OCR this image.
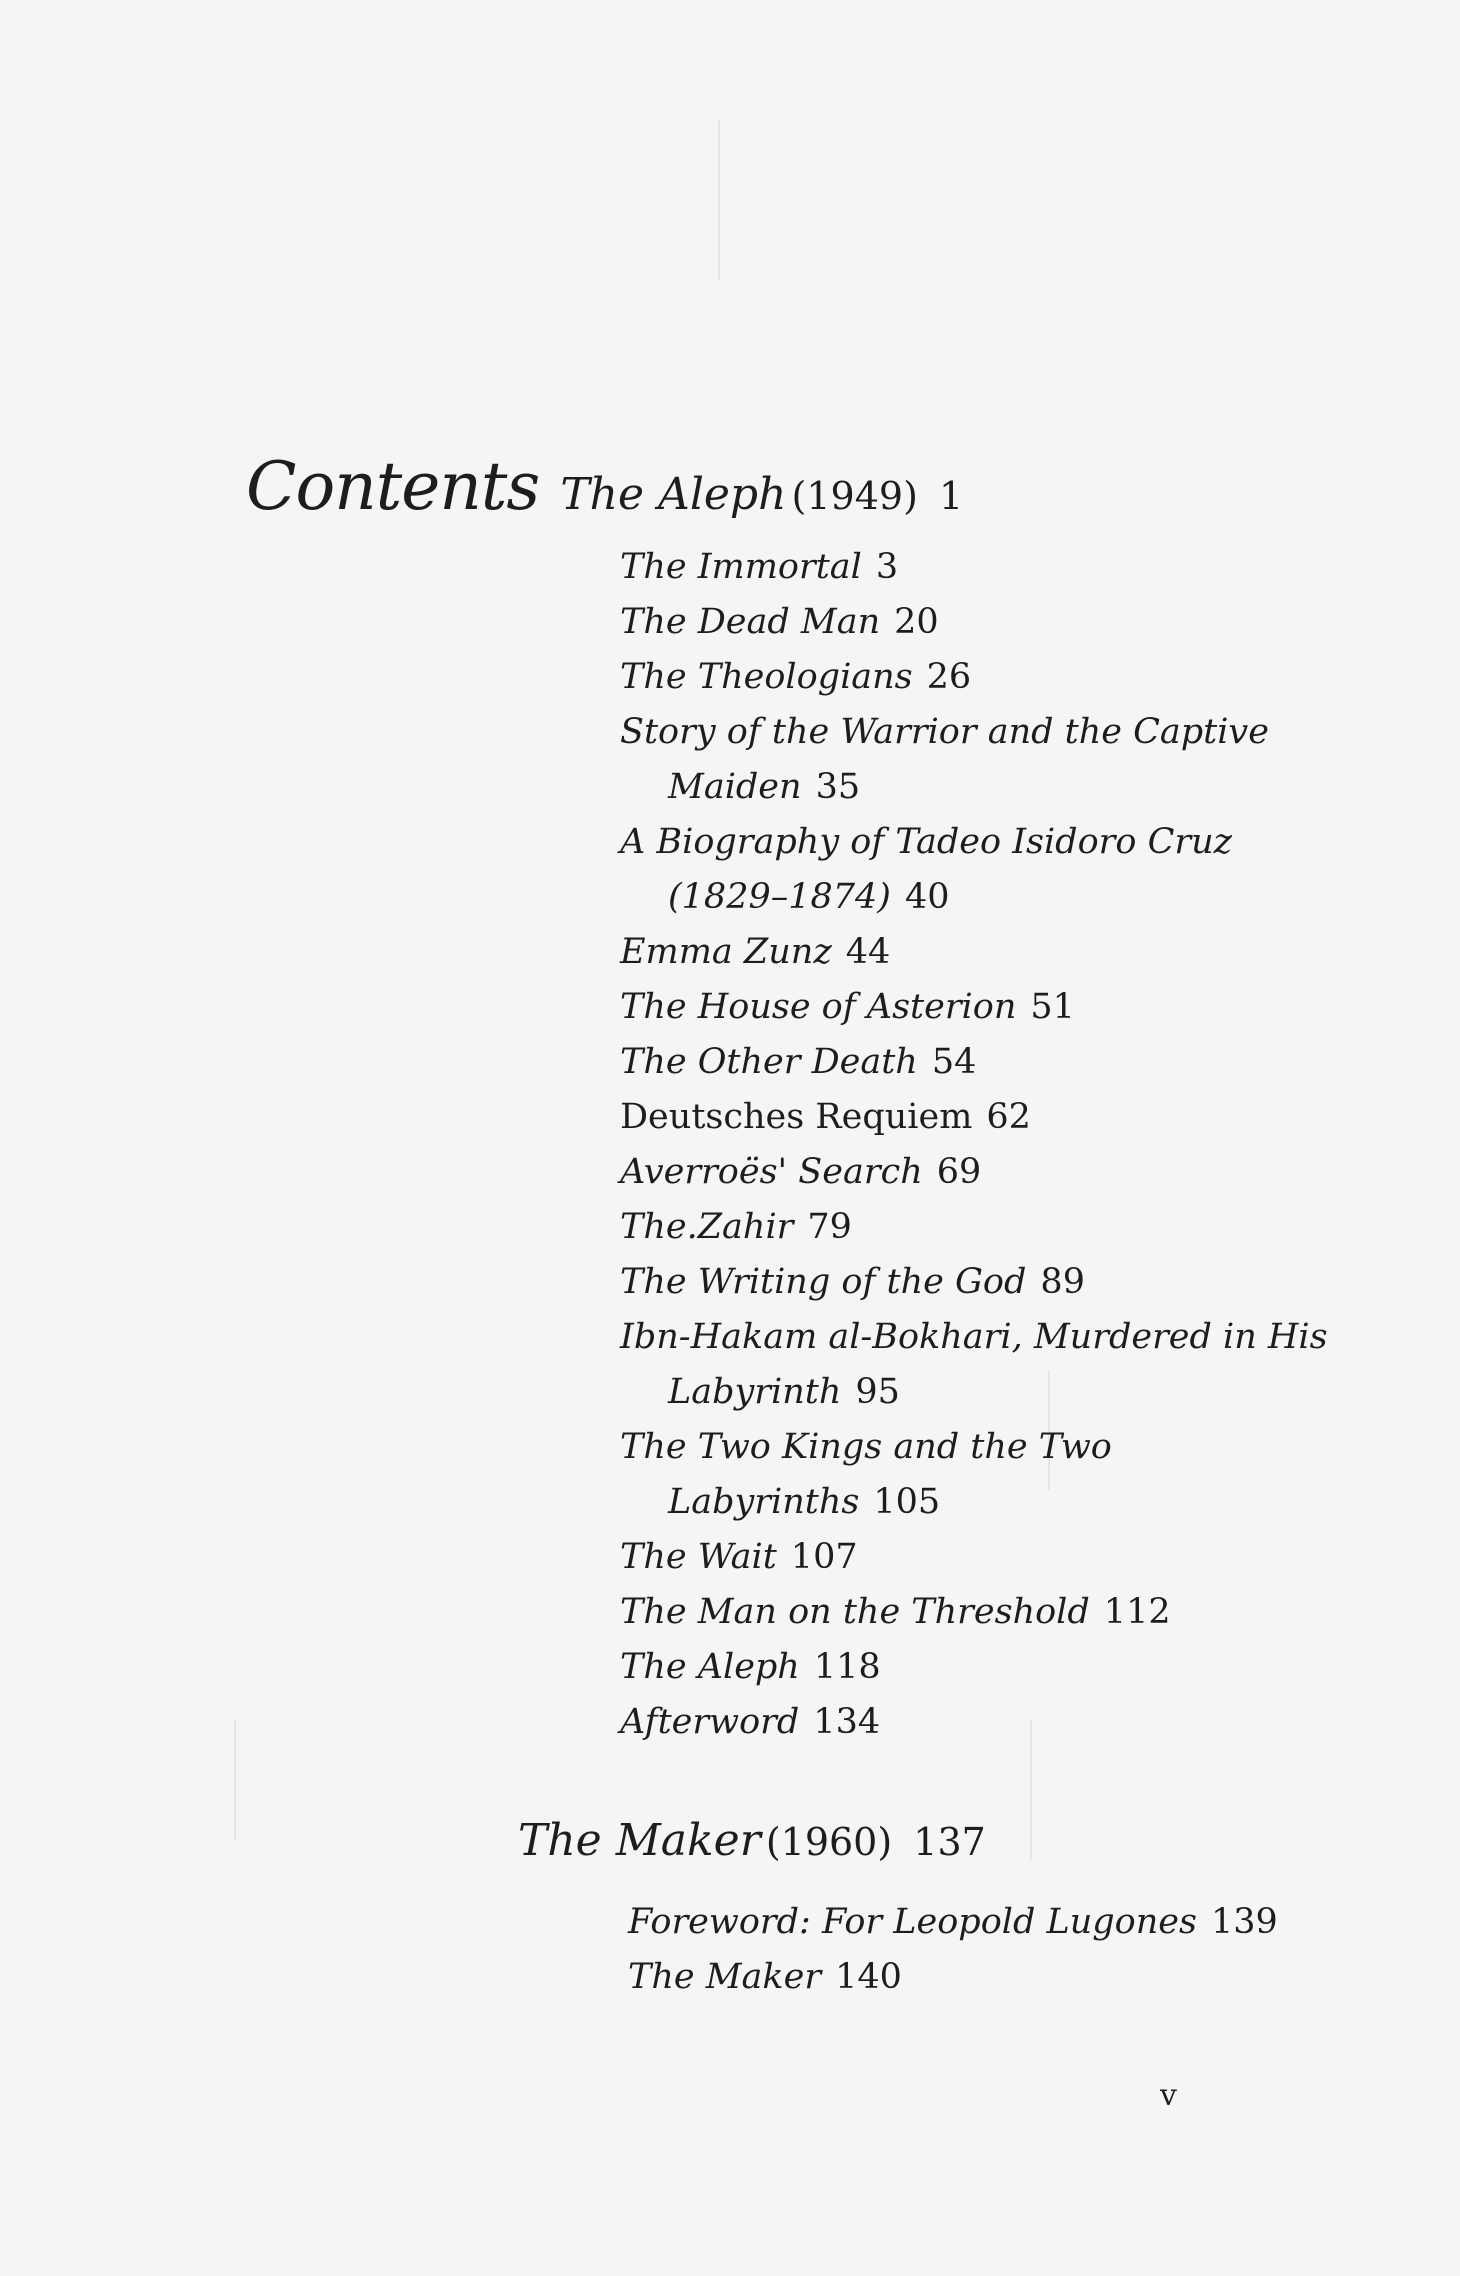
Contents The Aleph (1949) 1
The Immortal 3
The Dead Man 20
The Theologians 26
Story of the Warrior and the Captive
Maiden 35
A Biography of Tadeo Isidoro Cruz
(1829–1874) 40
Emma Zunz 44
The House of Asterion 51
The Other Death 54
Deutsches Requiem 62
Averroës' Search 69
The.Zahir 79
The Writing of the God 89
Ibn-Hakam al-Bokhari, Murdered in His
Labyrinth 95
The Two Kings and the Two
Labyrinths 105
The Wait 107
The Man on the Threshold 112
The Aleph 118
Afterword 134
The Maker (1960) 137
Foreword: For Leopold Lugones 139
The Maker 140
v
